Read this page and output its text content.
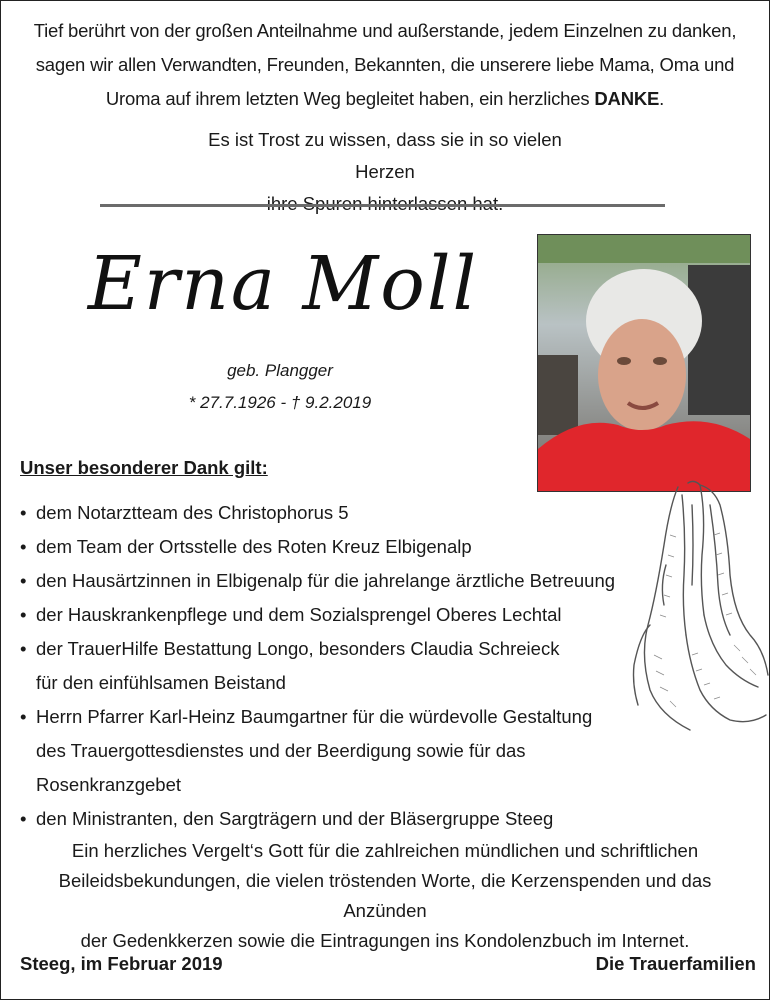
Tief berührt von der großen Anteilnahme und außerstande, jedem Einzelnen zu danken,

sagen wir allen Verwandten, Freunden, Bekannten, die unserere liebe Mama, Oma und

Uroma auf ihrem letzten Weg begleitet haben, ein herzliches DANKE.

Es ist Trost zu wissen, dass sie in so vielen Herzen
Erna Moll
geb. Plangger
* 27.7.1926 - † 9.2.2019
Unser besonderer Dank gilt:
• dem Notarztteam des Christophorus 5
• dem Team der Ortsstelle des Roten Kreuz Elbigenalp
• den Hausärtzinnen in Elbigenalp für die jahrelange ärztliche Betreuung
• der Hauskrankenpflege und dem Sozialsprengel Oberes Lechtal
• der TrauerHilfe Bestattung Longo, besonders Claudia Schreieck
für den einfühlsamen Beistand
• Herrn Pfarrer Karl-Heinz Baumgartner für die würdevolle Gestaltung
des Trauergottesdienstes und der Beerdigung sowie für das Rosenkranzgebet
• den Ministranten, den Sargträgern und der Bläsergruppe Steeg

Ein herzliches Vergelt‘s Gott für die zahlreichen mündlichen und schriftlichen

Beileidsbekundungen, die vielen tröstenden Worte, die Kerzenspenden und das Anzünden

der Gedenkkerzen sowie die Eintragungen ins Kondolenzbuch im Internet.

Steeg, im Februar 2019	Die Trauerfamilien
